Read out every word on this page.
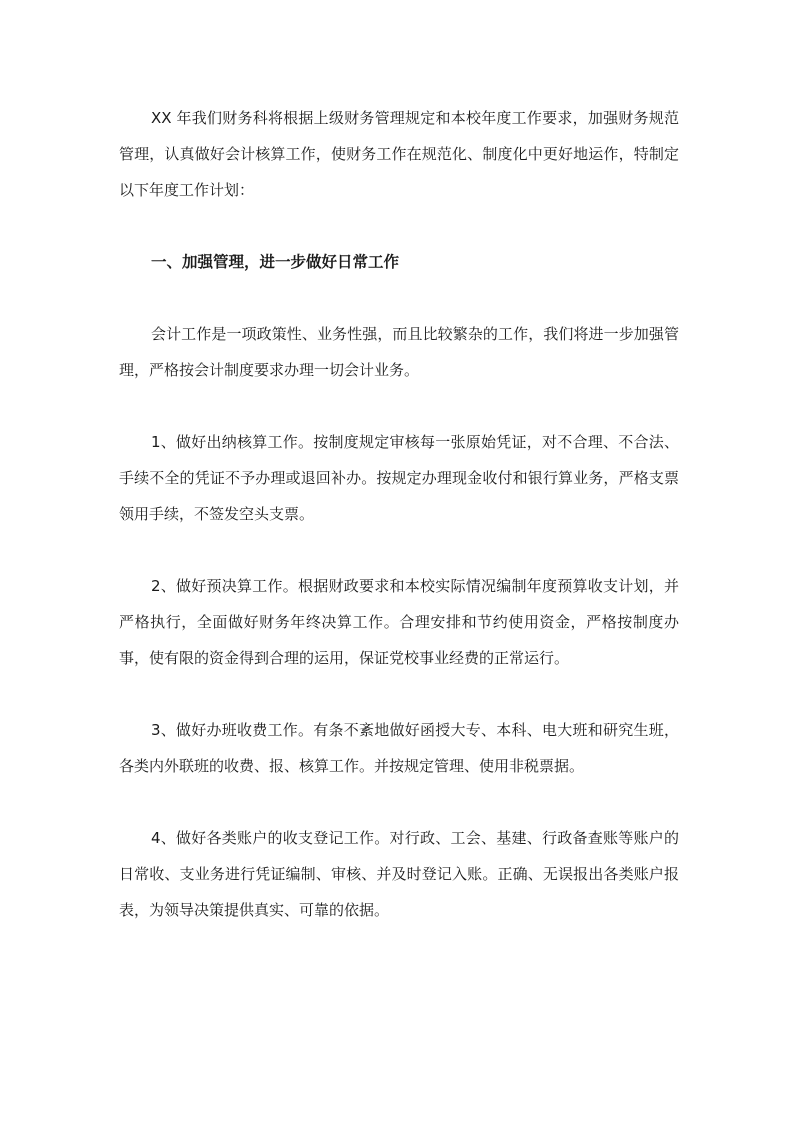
XX 年我们财务科将根据上级财务管理规定和本校年度工作要求，加强财务规范管理，认真做好会计核算工作，使财务工作在规范化、制度化中更好地运作，特制定以下年度工作计划：

一、加强管理，进一步做好日常工作

会计工作是一项政策性、业务性强，而且比较繁杂的工作，我们将进一步加强管理，严格按会计制度要求办理一切会计业务。

1、做好出纳核算工作。按制度规定审核每一张原始凭证，对不合理、不合法、手续不全的凭证不予办理或退回补办。按规定办理现金收付和银行算业务，严格支票领用手续，不签发空头支票。

2、做好预决算工作。根据财政要求和本校实际情况编制年度预算收支计划，并严格执行，全面做好财务年终决算工作。合理安排和节约使用资金，严格按制度办事，使有限的资金得到合理的运用，保证党校事业经费的正常运行。

3、做好办班收费工作。有条不紊地做好函授大专、本科、电大班和研究生班，各类内外联班的收费、报、核算工作。并按规定管理、使用非税票据。

4、做好各类账户的收支登记工作。对行政、工会、基建、行政备查账等账户的日常收、支业务进行凭证编制、审核、并及时登记入账。正确、无误报出各类账户报表，为领导决策提供真实、可靠的依据。
